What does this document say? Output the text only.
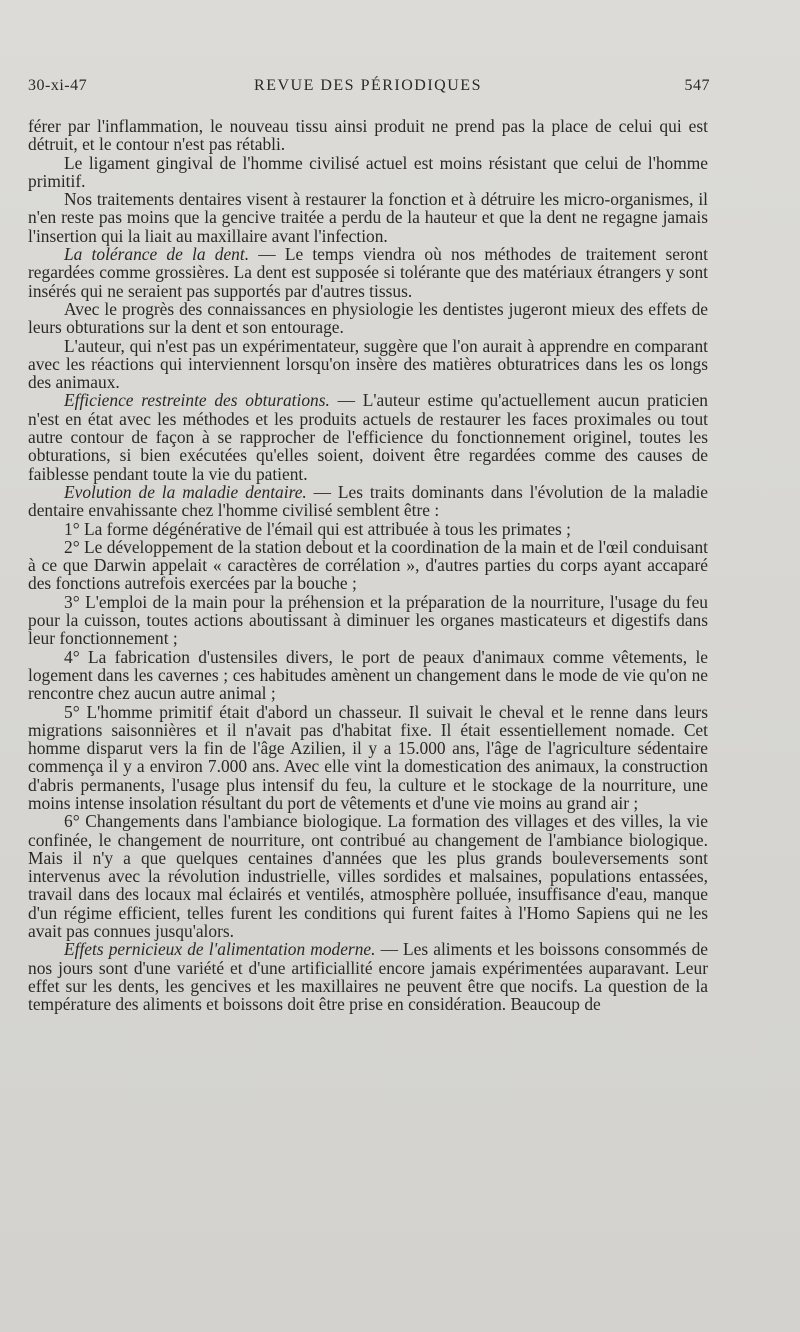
30-xi-47	REVUE DES PÉRIODIQUES	547

férer par l'inflammation, le nouveau tissu ainsi produit ne prend pas la place de celui qui est détruit, et le contour n'est pas rétabli.

Le ligament gingival de l'homme civilisé actuel est moins résistant que celui de l'homme primitif.

Nos traitements dentaires visent à restaurer la fonction et à détruire les micro-organismes, il n'en reste pas moins que la gencive traitée a perdu de la hauteur et que la dent ne regagne jamais l'insertion qui la liait au maxillaire avant l'infection.

La tolérance de la dent. — Le temps viendra où nos méthodes de traitement seront regardées comme grossières. La dent est supposée si tolérante que des matériaux étrangers y sont insérés qui ne seraient pas supportés par d'autres tissus.

Avec le progrès des connaissances en physiologie les dentistes jugeront mieux des effets de leurs obturations sur la dent et son entourage.

L'auteur, qui n'est pas un expérimentateur, suggère que l'on aurait à apprendre en comparant avec les réactions qui interviennent lorsqu'on insère des matières obturatrices dans les os longs des animaux.

Efficience restreinte des obturations. — L'auteur estime qu'actuellement aucun praticien n'est en état avec les méthodes et les produits actuels de restaurer les faces proximales ou tout autre contour de façon à se rapprocher de l'efficience du fonctionnement originel, toutes les obturations, si bien exécutées qu'elles soient, doivent être regardées comme des causes de faiblesse pendant toute la vie du patient.

Evolution de la maladie dentaire. — Les traits dominants dans l'évolution de la maladie dentaire envahissante chez l'homme civilisé semblent être :

1° La forme dégénérative de l'émail qui est attribuée à tous les primates ;

2° Le développement de la station debout et la coordination de la main et de l'œil conduisant à ce que Darwin appelait « caractères de corrélation », d'autres parties du corps ayant accaparé des fonctions autrefois exercées par la bouche ;

3° L'emploi de la main pour la préhension et la préparation de la nourriture, l'usage du feu pour la cuisson, toutes actions aboutissant à diminuer les organes masticateurs et digestifs dans leur fonctionnement ;

4° La fabrication d'ustensiles divers, le port de peaux d'animaux comme vêtements, le logement dans les cavernes ; ces habitudes amènent un changement dans le mode de vie qu'on ne rencontre chez aucun autre animal ;

5° L'homme primitif était d'abord un chasseur. Il suivait le cheval et le renne dans leurs migrations saisonnières et il n'avait pas d'habitat fixe. Il était essentiellement nomade. Cet homme disparut vers la fin de l'âge Azilien, il y a 15.000 ans, l'âge de l'agriculture sédentaire commença il y a environ 7.000 ans. Avec elle vint la domestication des animaux, la construction d'abris permanents, l'usage plus intensif du feu, la culture et le stockage de la nourriture, une moins intense insolation résultant du port de vêtements et d'une vie moins au grand air ;

6° Changements dans l'ambiance biologique. La formation des villages et des villes, la vie confinée, le changement de nourriture, ont contribué au changement de l'ambiance biologique. Mais il n'y a que quelques centaines d'années que les plus grands bouleversements sont intervenus avec la révolution industrielle, villes sordides et malsaines, populations entassées, travail dans des locaux mal éclairés et ventilés, atmosphère polluée, insuffisance d'eau, manque d'un régime efficient, telles furent les conditions qui furent faites à l'Homo Sapiens qui ne les avait pas connues jusqu'alors.

Effets pernicieux de l'alimentation moderne. — Les aliments et les boissons consommés de nos jours sont d'une variété et d'une artificiallité encore jamais expérimentées auparavant. Leur effet sur les dents, les gencives et les maxillaires ne peuvent être que nocifs. La question de la température des aliments et boissons doit être prise en considération. Beaucoup de
